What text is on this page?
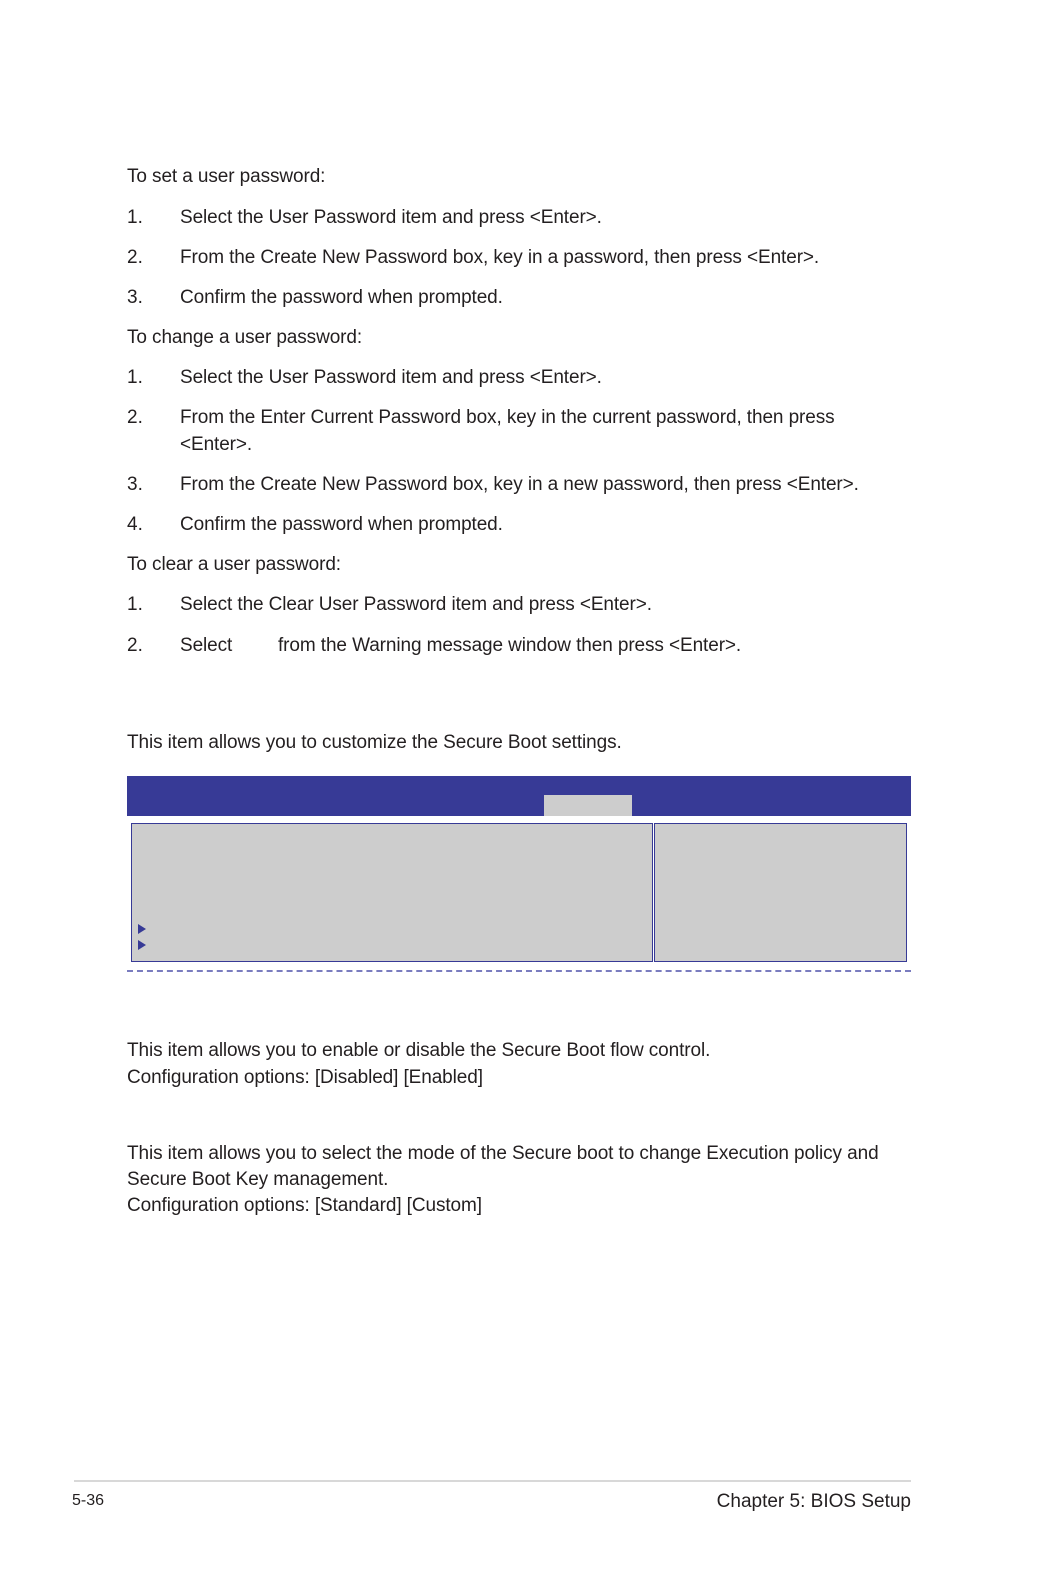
To set a user password:
1. Select the User Password item and press <Enter>.
2. From the Create New Password box, key in a password, then press <Enter>.
3. Confirm the password when prompted.
To change a user password:
1. Select the User Password item and press <Enter>.
2. From the Enter Current Password box, key in the current password, then press
<Enter>.
3. From the Create New Password box, key in a new password, then press <Enter>.
4. Confirm the password when prompted.
To clear a user password:
1. Select the Clear User Password item and press <Enter>.
2. Select from the Warning message window then press <Enter>.
This item allows you to customize the Secure Boot settings.
This item allows you to enable or disable the Secure Boot flow control.
Configuration options: [Disabled] [Enabled]
This item allows you to select the mode of the Secure boot to change Execution policy and
Secure Boot Key management.
Configuration options: [Standard] [Custom]
5-36	Chapter 5: BIOS Setup
